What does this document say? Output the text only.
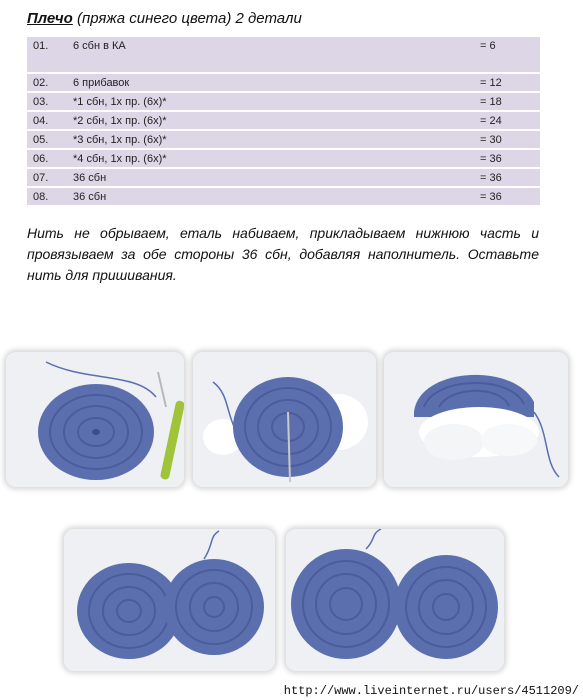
Плечо (пряжа синего цвета) 2 детали
01.	6 сбн в КА	= 6
02.	6 прибавок	= 12
03.	*1 сбн, 1х пр. (6х)*	= 18
04.	*2 сбн, 1х пр. (6х)*	= 24
05.	*3 сбн, 1х пр. (6х)*	= 30
06.	*4 сбн, 1х пр. (6х)*	= 36
07.	36 сбн	= 36
08.	36 сбн	= 36
Нить не обрываем, еталь набиваем, прикладываем нижнюю часть и провязываем за обе стороны 36 сбн, добавляя наполнитель. Оставьте нить для пришивания.
http://www.liveinternet.ru/users/4511209/
